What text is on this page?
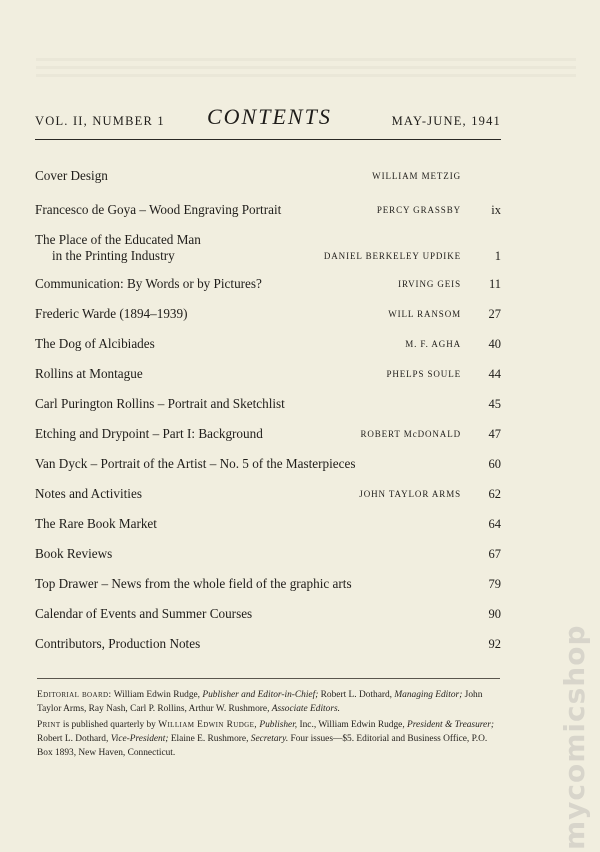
VOL. II, NUMBER 1 CONTENTS	MAY-JUNE, 1941
Cover Design	WILLIAM METZIG
Francesco de Goya – Wood Engraving Portrait	PERCY GRASSBY ix
The Place of the Educated Man
in the Printing Industry	DANIEL BERKELEY UPDIKE	1
Communication: By Words or by Pictures?	IRVING GEIS 11
Frederic Warde (1894–1939)	WILL RANSOM 27
The Dog of Alcibiades	M. F. AGHA 40
Rollins at Montague	PHELPS SOULE 44
Carl Purington Rollins – Portrait and Sketchlist	45
Etching and Drypoint – Part I: Background	ROBERT McDONALD 47
Van Dyck – Portrait of the Artist – No. 5 of the Masterpieces	60
Notes and Activities	JOHN TAYLOR ARMS 62
The Rare Book Market	64
Book Reviews	67
Top Drawer – News from the whole field of the graphic arts	79
Calendar of Events and Summer Courses	90
Contributors, Production Notes	92

Editorial board: William Edwin Rudge, Publisher and Editor-in-Chief; Robert L. Dothard, Managing Editor; John Taylor Arms, Ray Nash, Carl P. Rollins, Arthur W. Rushmore, Associate Editors.

Print is published quarterly by William Edwin Rudge, Publisher, Inc., William Edwin Rudge, President & Treasurer; Robert L. Dothard, Vice-President; Elaine E. Rushmore, Secretary. Four issues—$5. Editorial and Business Office, P.O. Box 1893, New Haven, Connecticut.	mycomicshop
